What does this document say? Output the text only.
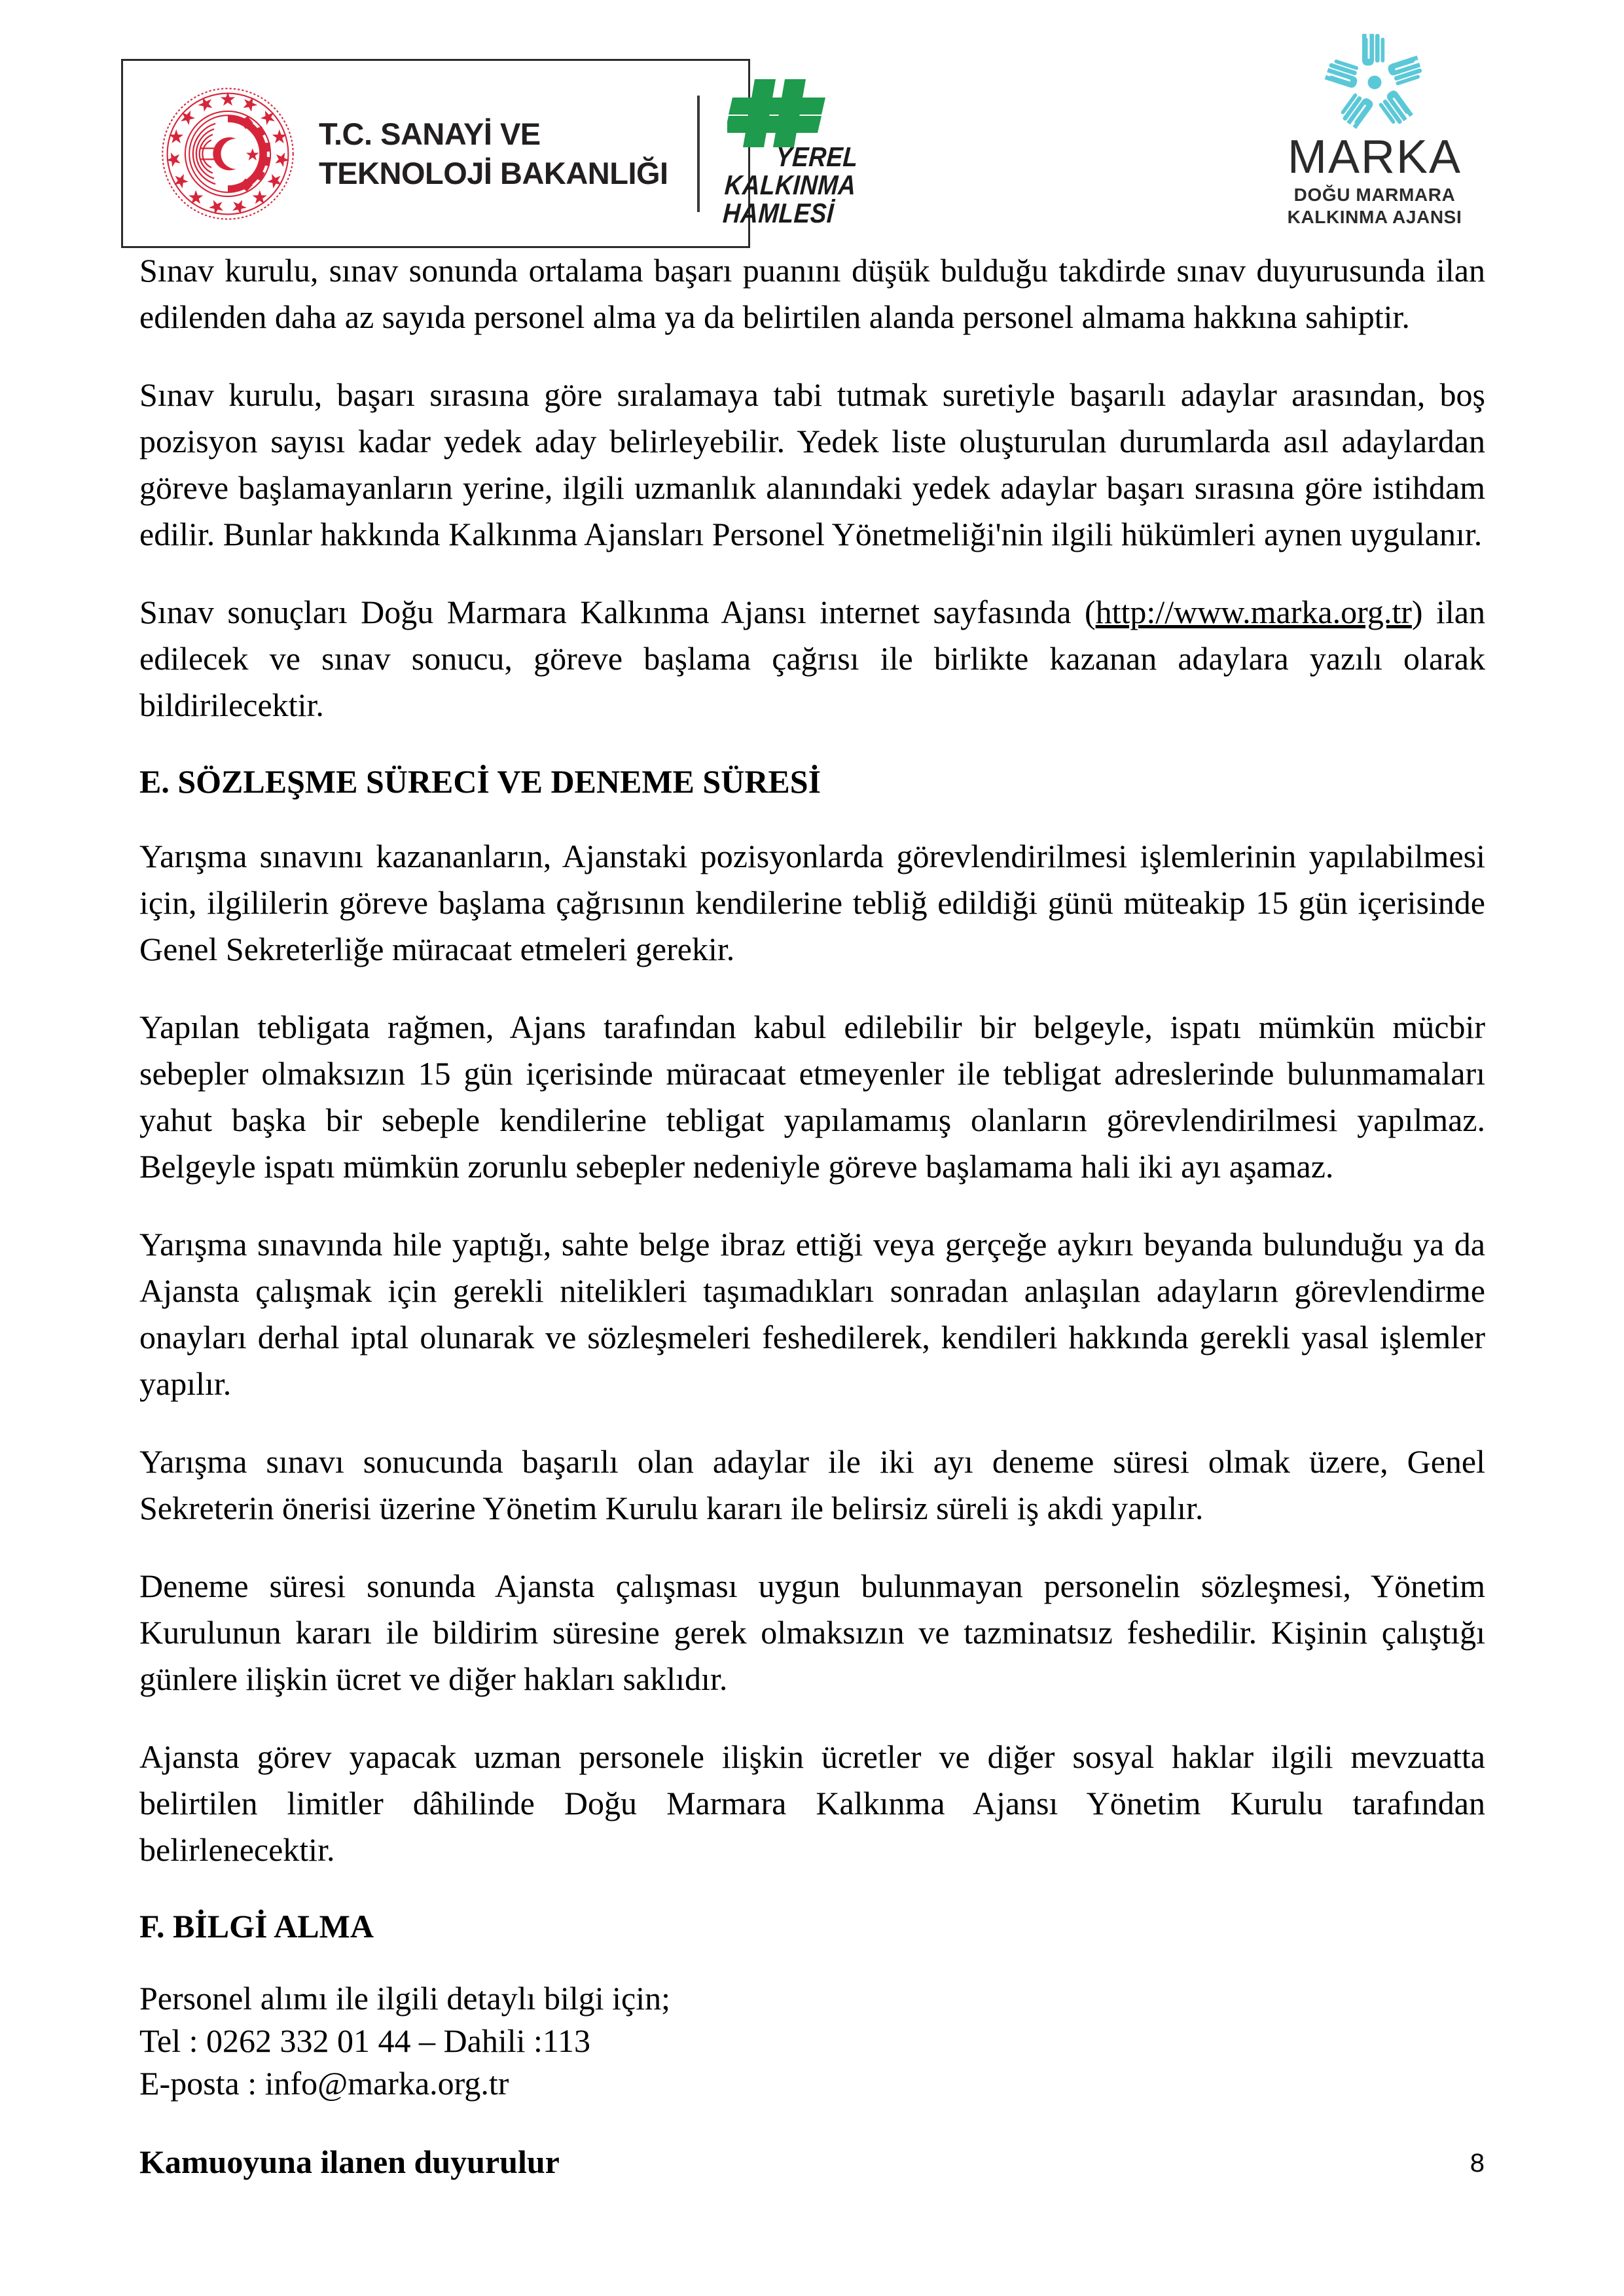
T.C. SANAYİ VE
TEKNOLOJİ BAKANLIĞI	YEREL
KALKINMA
HAMLESİ
MARKA
DOĞU MARMARA
KALKINMA AJANSI

Sınav kurulu, sınav sonunda ortalama başarı puanını düşük bulduğu takdirde sınav duyurusunda ilan edilenden daha az sayıda personel alma ya da belirtilen alanda personel almama hakkına sahiptir.

Sınav kurulu, başarı sırasına göre sıralamaya tabi tutmak suretiyle başarılı adaylar arasından, boş pozisyon sayısı kadar yedek aday belirleyebilir. Yedek liste oluşturulan durumlarda asıl adaylardan göreve başlamayanların yerine, ilgili uzmanlık alanındaki yedek adaylar başarı sırasına göre istihdam edilir. Bunlar hakkında Kalkınma Ajansları Personel Yönetmeliği'nin ilgili hükümleri aynen uygulanır.

Sınav sonuçları Doğu Marmara Kalkınma Ajansı internet sayfasında (http://www.marka.org.tr) ilan edilecek ve sınav sonucu, göreve başlama çağrısı ile birlikte kazanan adaylara yazılı olarak bildirilecektir.

E. SÖZLEŞME SÜRECİ VE DENEME SÜRESİ

Yarışma sınavını kazananların, Ajanstaki pozisyonlarda görevlendirilmesi işlemlerinin yapılabilmesi için, ilgililerin göreve başlama çağrısının kendilerine tebliğ edildiği günü müteakip 15 gün içerisinde Genel Sekreterliğe müracaat etmeleri gerekir.

Yapılan tebligata rağmen, Ajans tarafından kabul edilebilir bir belgeyle, ispatı mümkün mücbir sebepler olmaksızın 15 gün içerisinde müracaat etmeyenler ile tebligat adreslerinde bulunmamaları yahut başka bir sebeple kendilerine tebligat yapılamamış olanların görevlendirilmesi yapılmaz. Belgeyle ispatı mümkün zorunlu sebepler nedeniyle göreve başlamama hali iki ayı aşamaz.

Yarışma sınavında hile yaptığı, sahte belge ibraz ettiği veya gerçeğe aykırı beyanda bulunduğu ya da Ajansta çalışmak için gerekli nitelikleri taşımadıkları sonradan anlaşılan adayların görevlendirme onayları derhal iptal olunarak ve sözleşmeleri feshedilerek, kendileri hakkında gerekli yasal işlemler yapılır.

Yarışma sınavı sonucunda başarılı olan adaylar ile iki ayı deneme süresi olmak üzere, Genel Sekreterin önerisi üzerine Yönetim Kurulu kararı ile belirsiz süreli iş akdi yapılır.

Deneme süresi sonunda Ajansta çalışması uygun bulunmayan personelin sözleşmesi, Yönetim Kurulunun kararı ile bildirim süresine gerek olmaksızın ve tazminatsız feshedilir. Kişinin çalıştığı günlere ilişkin ücret ve diğer hakları saklıdır.

Ajansta görev yapacak uzman personele ilişkin ücretler ve diğer sosyal haklar ilgili mevzuatta belirtilen limitler dâhilinde Doğu Marmara Kalkınma Ajansı Yönetim Kurulu tarafından belirlenecektir.

F. BİLGİ ALMA

Personel alımı ile ilgili detaylı bilgi için;

Tel : 0262 332 01 44 – Dahili :113

E-posta : info@marka.org.tr

Kamuoyuna ilanen duyurulur	8
